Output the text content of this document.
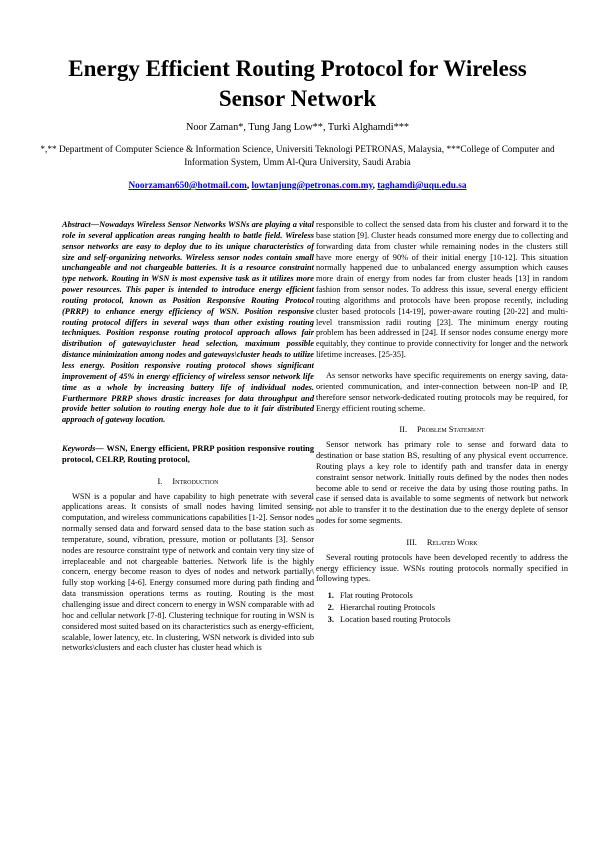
Energy Efficient Routing Protocol for Wireless Sensor Network
Noor Zaman*, Tung Jang Low**, Turki Alghamdi***
*,** Department of Computer Science & Information Science, Universiti Teknologi PETRONAS, Malaysia, ***College of Computer and Information System, Umm Al-Qura University, Saudi Arabia
Noorzaman650@hotmail.com, lowtanjung@petronas.com.my, taghamdi@uqu.edu.sa
Abstract—Nowadays Wireless Sensor Networks WSNs are playing a vital role in several application areas ranging health to battle field. Wireless sensor networks are easy to deploy due to its unique characteristics of size and self-organizing networks. Wireless sensor nodes contain small unchangeable and not chargeable batteries. It is a resource constraint type network. Routing in WSN is most expensive task as it utilizes more power resources. This paper is intended to introduce energy efficient routing protocol, known as Position Responsive Routing Protocol (PRRP) to enhance energy efficiency of WSN. Position responsive routing protocol differs in several ways than other existing routing techniques. Position response routing protocol approach allows fair distribution of gateway\cluster head selection, maximum possible distance minimization among nodes and gateways\cluster heads to utilize less energy. Position responsive routing protocol shows significant improvement of 45% in energy efficiency of wireless sensor network life time as a whole by increasing battery life of individual nodes. Furthermore PRRP shows drastic increases for data throughput and provide better solution to routing energy hole due to it fair distributed approach of gateway location.
Keywords— WSN, Energy efficient, PRRP position responsive routing protocol, CELRP, Routing protocol,
I. Introduction

WSN is a popular and have capability to high penetrate with several applications areas. It consists of small nodes having limited sensing, computation, and wireless communications capabilities [1-2]. Sensor nodes normally sensed data and forward sensed data to the base station such as temperature, sound, vibration, pressure, motion or pollutants [3]. Sensor nodes are resource constraint type of network and contain very tiny size of irreplaceable and not chargeable batteries. Network life is the highly concern, energy become reason to dyes of nodes and network partially\ fully stop working [4-6]. Energy consumed more during path finding and data transmission operations terms as routing. Routing is the most challenging issue and direct concern to energy in WSN comparable with ad hoc and cellular network [7-8]. Clustering technique for routing in WSN is considered most suited based on its characteristics such as energy-efficient, scalable, lower latency, etc. In clustering, WSN network is divided into sub networks\clusters and each cluster has cluster head which is

responsible to collect the sensed data from his cluster and forward it to the base station [9]. Cluster heads consumed more energy due to collecting and forwarding data from cluster while remaining nodes in the clusters still have more energy of 90% of their initial energy [10-12]. This situation normally happened due to unbalanced energy assumption which causes more drain of energy from nodes far from cluster heads [13] in random fashion from sensor nodes. To address this issue, several energy efficient routing algorithms and protocols have been propose recently, including cluster based protocols [14-19], power-aware routing [20-22] and multi-level transmission radii routing [23]. The minimum energy routing problem has been addressed in [24]. If sensor nodes consume energy more equitably, they continue to provide connectivity for longer and the network lifetime increases. [25-35].

As sensor networks have specific requirements on energy saving, data-oriented communication, and inter-connection between non-IP and IP, therefore sensor network-dedicated routing protocols may be required, for Energy efficient routing scheme.

II. Problem Statement

Sensor network has primary role to sense and forward data to destination or base station BS, resulting of any physical event occurrence. Routing plays a key role to identify path and transfer data in energy constraint sensor network. Initially routs defined by the nodes then nodes become able to send or receive the data by using those routing paths. In case if sensed data is available to some segments of network but network not able to transfer it to the destination due to the energy deplete of sensor nodes for some segments.

III. Related Work

Several routing protocols have been developed recently to address the energy efficiency issue. WSNs routing protocols normally specified in following types.

1. Flat routing Protocols
2. Hierarchal routing Protocols
3. Location based routing Protocols
